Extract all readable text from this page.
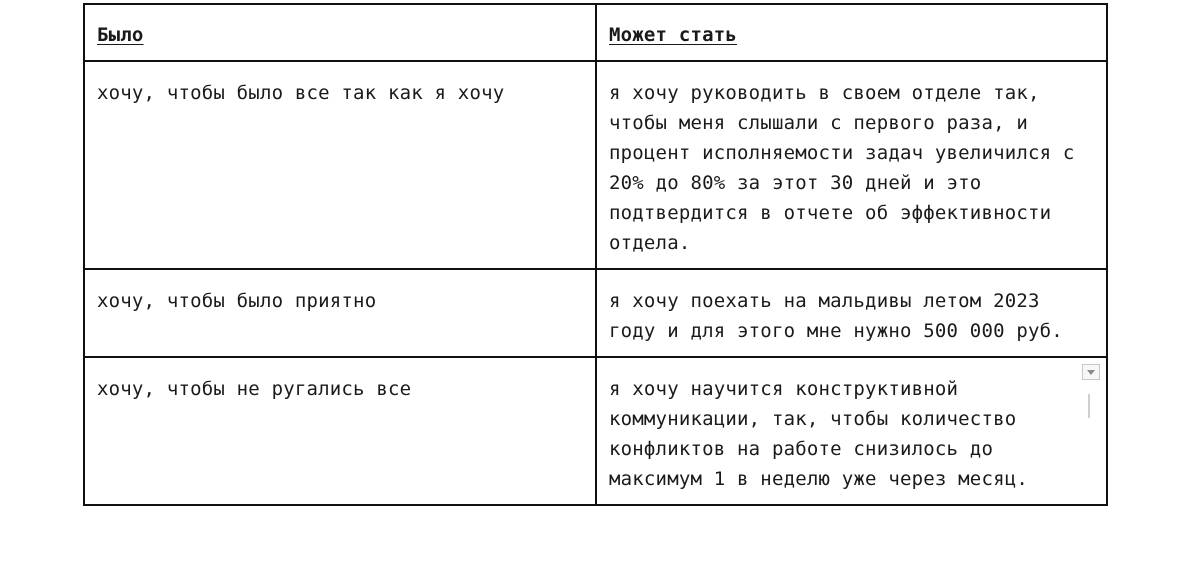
Было	Может стать
хочу, чтобы было все так как я хочу	я хочу руководить в своем отделе так, чтобы меня слышали с первого раза, и процент исполняемости задач увеличился с 20% до 80% за этот 30 дней и это подтвердится в отчете об эффективности отдела.
хочу, чтобы было приятно	я хочу поехать на мальдивы летом 2023 году и для этого мне нужно 500 000 руб.
хочу, чтобы не ругались все	я хочу научится конструктивной коммуникации, так, чтобы количество конфликтов на работе снизилось до максимум 1 в неделю уже через месяц.
